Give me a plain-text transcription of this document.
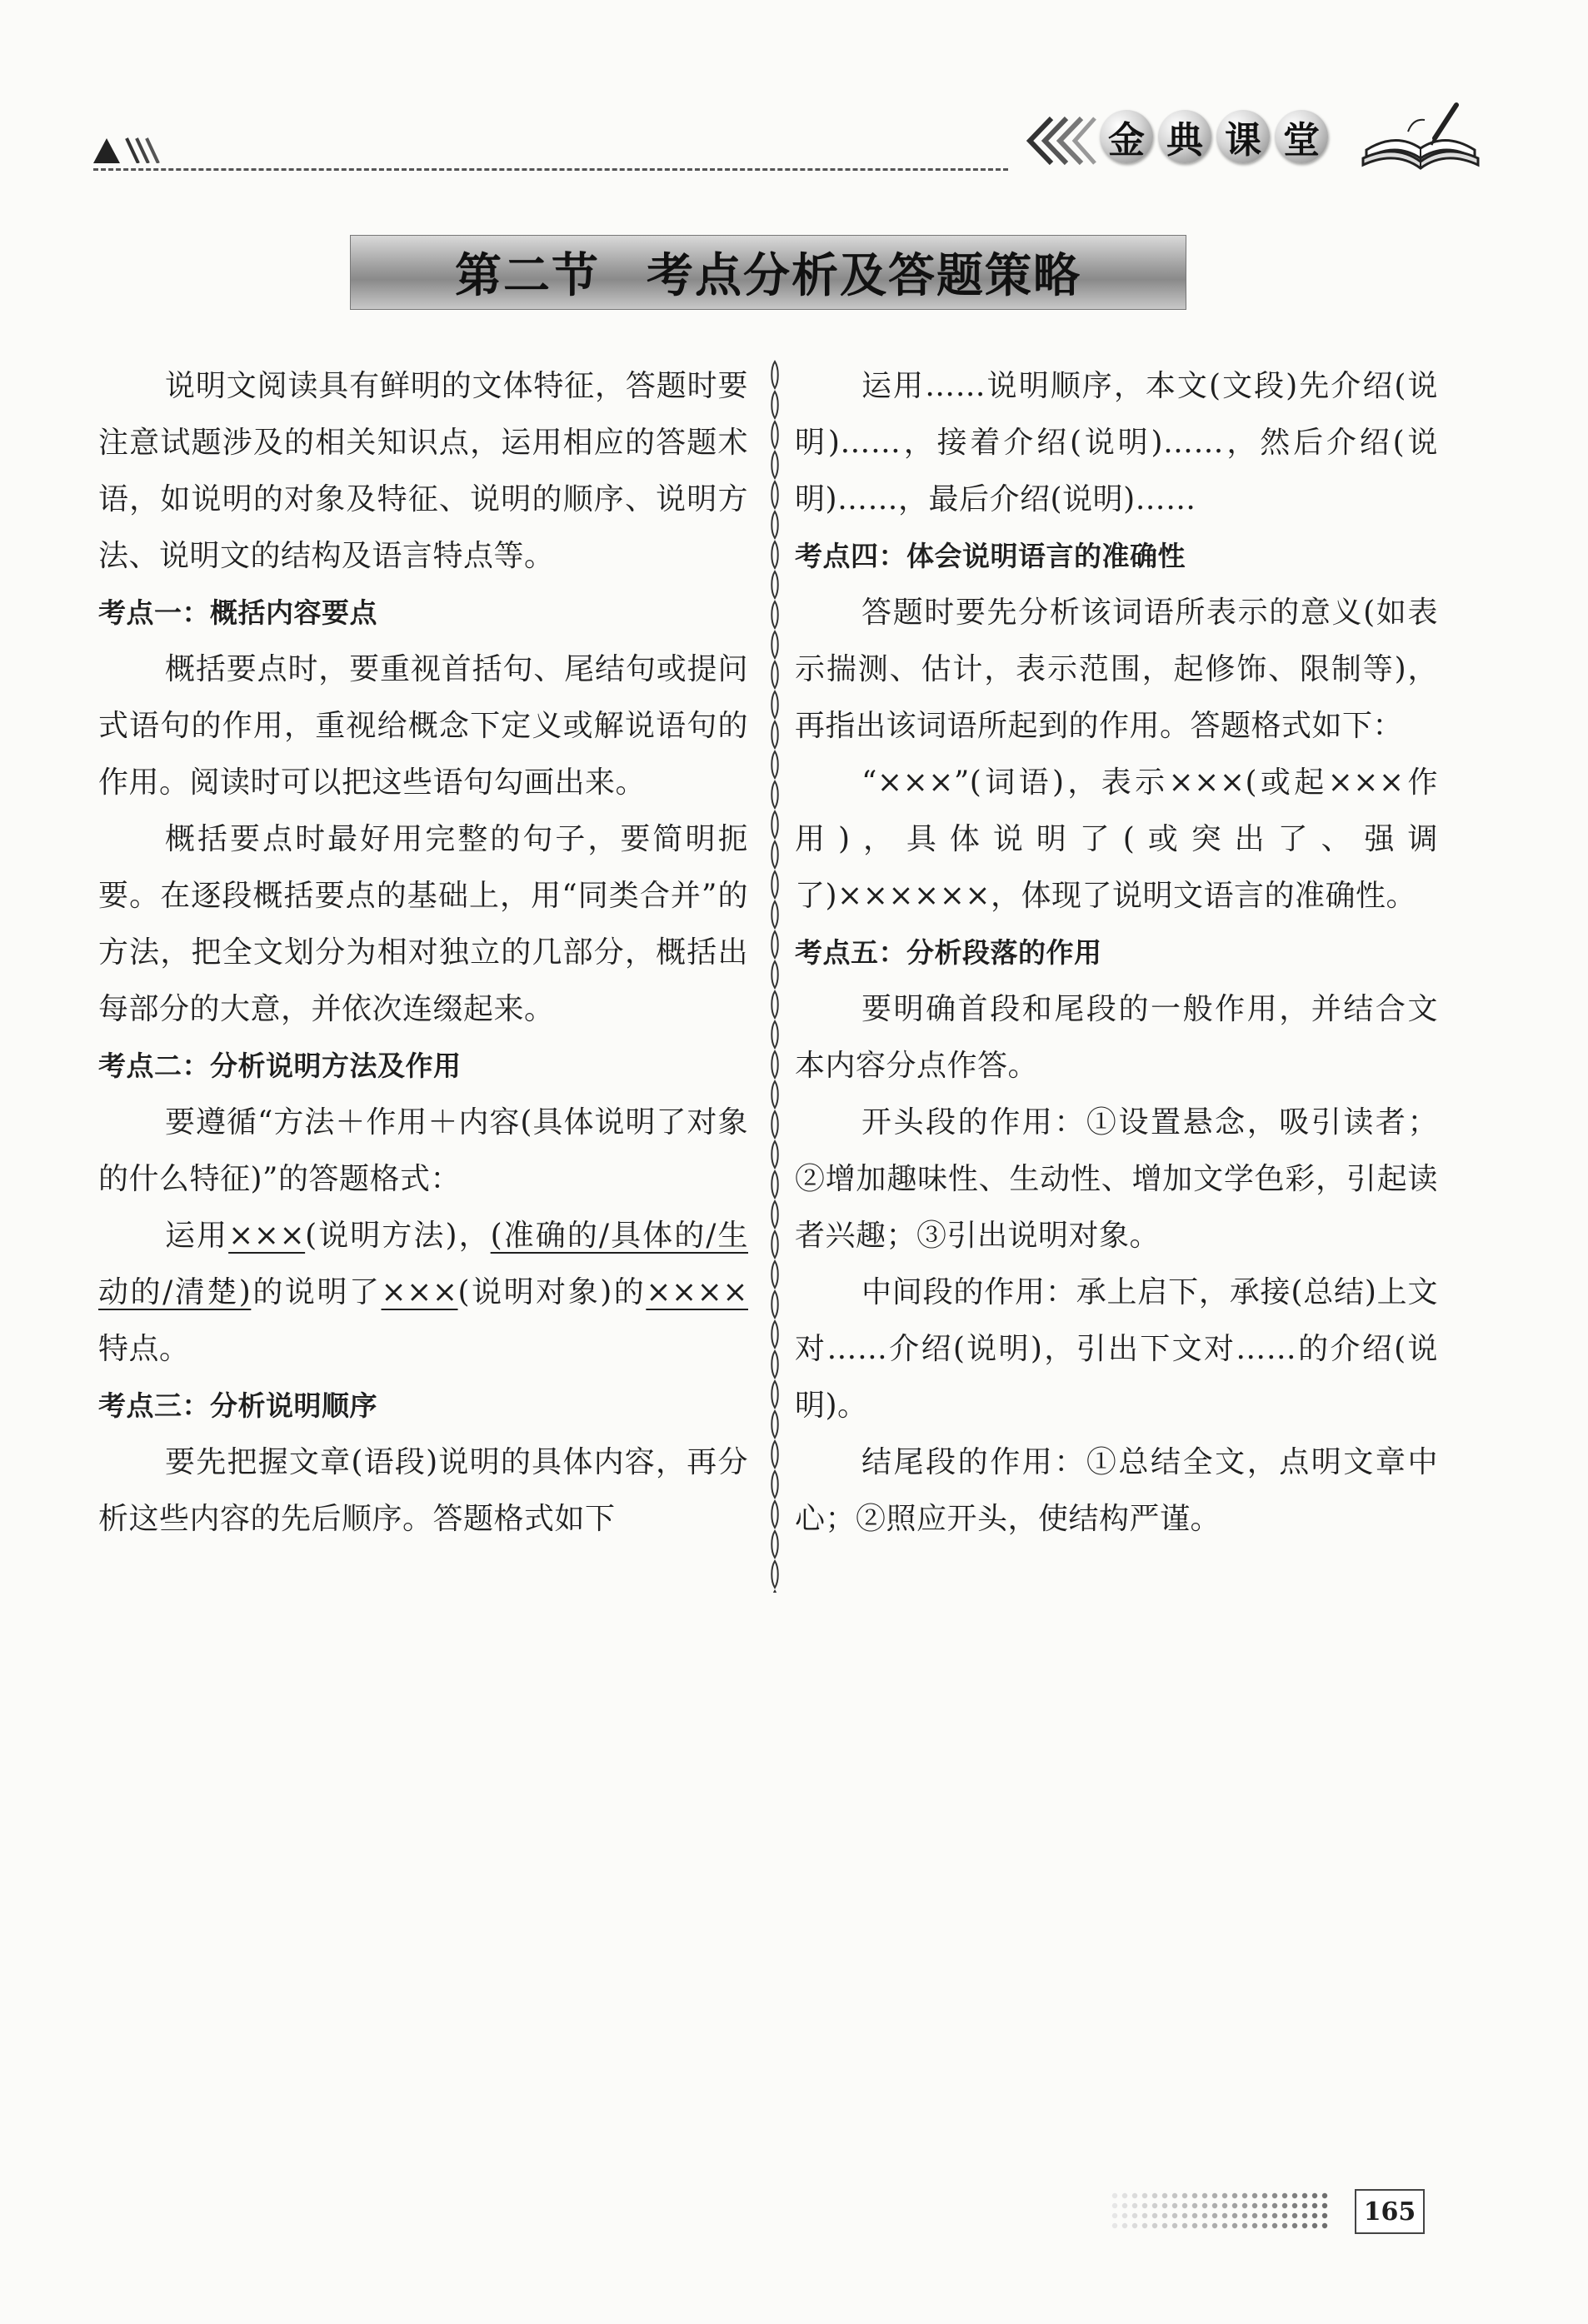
金 典 课 堂
第二节 考点分析及答题策略

说明文阅读具有鲜明的文体特征，答题时要注意试题涉及的相关知识点，运用相应的答题术语，如说明的对象及特征、说明的顺序、说明方法、说明文的结构及语言特点等。

考点一：概括内容要点

概括要点时，要重视首括句、尾结句或提问式语句的作用，重视给概念下定义或解说语句的作用。阅读时可以把这些语句勾画出来。

概括要点时最好用完整的句子，要简明扼要。在逐段概括要点的基础上，用“同类合并”的方法，把全文划分为相对独立的几部分，概括出每部分的大意，并依次连缀起来。

考点二：分析说明方法及作用

要遵循“方法＋作用＋内容(具体说明了对象的什么特征)”的答题格式：

运用×××(说明方法)，(准确的/具体的/生动的/清楚)的说明了×××(说明对象)的××××特点。

考点三：分析说明顺序

要先把握文章(语段)说明的具体内容，再分析这些内容的先后顺序。答题格式如下

运用……说明顺序，本文(文段)先介绍(说明)……，接着介绍(说明)……，然后介绍(说明)……，最后介绍(说明)……

考点四：体会说明语言的准确性

答题时要先分析该词语所表示的意义(如表示揣测、估计，表示范围，起修饰、限制等)，再指出该词语所起到的作用。答题格式如下：

“×××”(词语)，表示×××(或起×××作用)，具体说明了(或突出了、强调了)××××××，体现了说明文语言的准确性。

考点五：分析段落的作用

要明确首段和尾段的一般作用，并结合文本内容分点作答。

开头段的作用：①设置悬念，吸引读者；②增加趣味性、生动性、增加文学色彩，引起读者兴趣；③引出说明对象。

中间段的作用：承上启下，承接(总结)上文对……介绍(说明)，引出下文对……的介绍(说明)。

结尾段的作用：①总结全文，点明文章中心；②照应开头，使结构严谨。

165
